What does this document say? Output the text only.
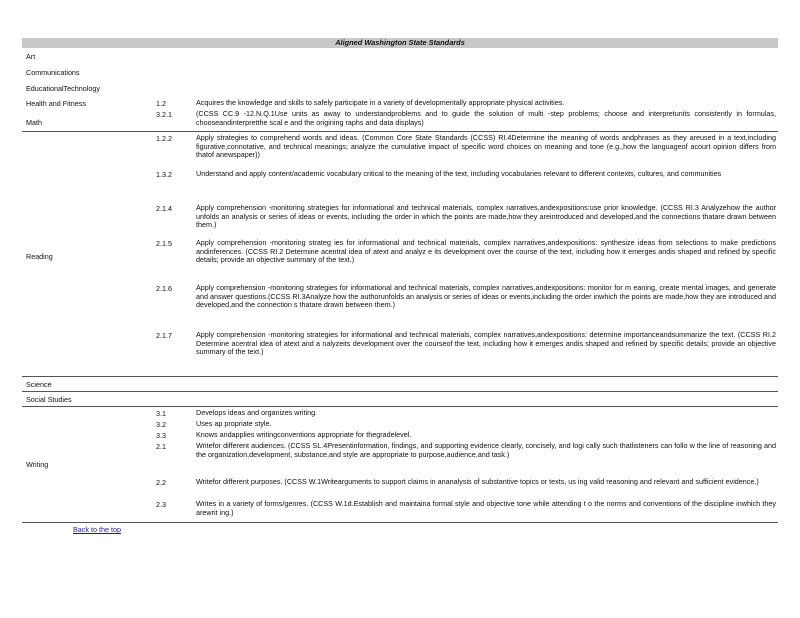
Aligned Washington State Standards
Art
Communications
EducationalTechnology
Health and Fitness	1.2	Acquires the knowledge and skills to safely participate in a variety of developmentally appropriate physical activities.
Math
3.2.1	(CCSS CC.9 -12.N.Q.1Use units as away to understandproblems and to guide the solution of multi -step problems; choose and interpretunits consistently in formulas, chooseandinterpretthe scal e and the origining raphs and data displays)
Reading
1.2.2	Apply strategies to comprehend words and ideas. (Common Core State Standards (CCSS) RI.4Determine the meaning of words andphrases as they areused in a text,including figurative,connotative, and technical meanings; analyze the cumulative impact of specific word choices on meaning and tone (e.g.,how the languageof acourt opinion differs from thatof anewspaper))
1.3.2	Understand and apply content/academic vocabulary critical to the meaning of the text, including vocabularies relevant to different contexts, cultures, and communities
2.1.4	Apply comprehension -monitoring strategies for informational and technical materials, complex narratives,andexpositions:use prior knowledge. (CCSS RI.3 Analyzehow the author unfolds an analysis or series of ideas or events, including the order in which the points are made,how they areintroduced and developed,and the connections thatare drawn between them.)
2.1.5	Apply comprehension -monitoring strateg ies for informational and technical materials, complex narratives,andexpositions: synthesize ideas from selections to make predictions andinferences. (CCSS RI.2 Determine acentral idea of atext and analyz e its development over the course of the text, including how it emerges andis shaped and refined by specific details; provide an objective summary of the text.)
2.1.6	Apply comprehension -monitoring strategies for informational and technical materials, complex narratives,andexpositions: monitor for m eaning, create mental images, and generate and answer questions.(CCSS RI.3Analyze how the authorunfolds an analysis or series of ideas or events,including the order inwhich the points are made,how they are introduced and developed,and the connection s thatare drawn between them.)
2.1.7	Apply comprehension -monitoring strategies for informational and technical materials, complex narratives,andexpositions: determine importanceandsummarize the text. (CCSS RI.2 Determine acentral idea of atext and a nalyzeits development over the courseof the text, including how it emerges andis shaped and refined by specific details; provide an objective summary of the text.)
Science
Social Studies
Writing
3.1	Develops ideas and organizes writing.
3.2	Uses ap propriate style.
3.3	Knows andapplies writingconventions appropriate for thegradelevel.
2.1	Writefor different audiences. (CCSS SL.4Presentinformation, findings, and supporting evidence clearly, concisely, and logi cally such thatlisteners can follo w the line of reasoning and the organization,development, substance,and style are appropriate to purpose,audience,and task.)
2.2	Writefor different purposes. (CCSS W.1Writearguments to support claims in ananalysis of substantive topics or texts, us ing valid reasoning and relevant and sufficient evidence.)
2.3	Writes in a variety of forms/genres. (CCSS W.1d.Establish and maintaina formal style and objective tone while attending t o the norms and conventions of the discipline inwhich they arewrit ing.)
Back to the top
